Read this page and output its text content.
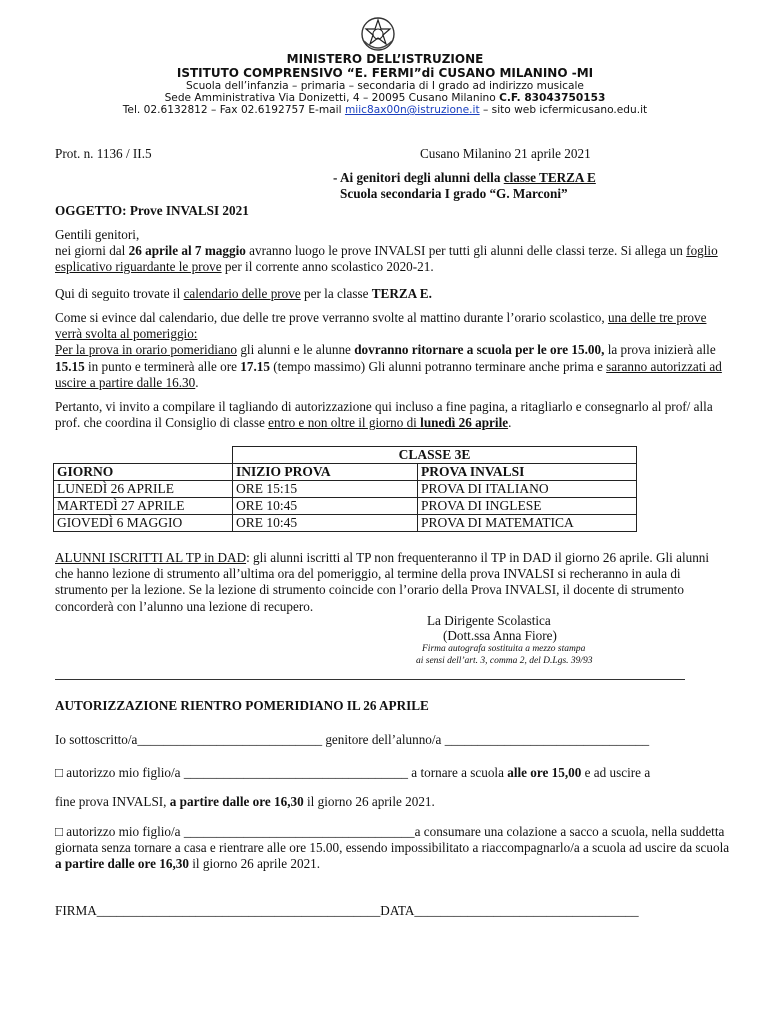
MINISTERO DELL’ISTRUZIONE
ISTITUTO COMPRENSIVO “E. FERMI”di CUSANO MILANINO -MI
Scuola dell’infanzia – primaria – secondaria di I grado ad indirizzo musicale
Sede Amministrativa Via Donizetti, 4 – 20095 Cusano Milanino C.F. 83043750153
Tel. 02.6132812 – Fax 02.6192757 E-mail miic8ax00n@istruzione.it – sito web icfermicusano.edu.it
Prot. n. 1136 / II.5	Cusano Milanino 21 aprile 2021
- Ai genitori degli alunni della classe TERZA E
Scuola secondaria I grado “G. Marconi”
OGGETTO: Prove INVALSI 2021
Gentili genitori,
nei giorni dal 26 aprile al 7 maggio avranno luogo le prove INVALSI per tutti gli alunni delle classi terze. Si allega un foglio esplicativo riguardante le prove per il corrente anno scolastico 2020-21.
Qui di seguito trovate il calendario delle prove per la classe TERZA E.
Come si evince dal calendario, due delle tre prove verranno svolte al mattino durante l’orario scolastico, una delle tre prove verrà svolta al pomeriggio:
Per la prova in orario pomeridiano gli alunni e le alunne dovranno ritornare a scuola per le ore 15.00, la prova inizierà alle 15.15 in punto e terminerà alle ore 17.15 (tempo massimo) Gli alunni potranno terminare anche prima e saranno autorizzati ad uscire a partire dalle 16.30.
Pertanto, vi invito a compilare il tagliando di autorizzazione qui incluso a fine pagina, a ritagliarlo e consegnarlo al prof/ alla prof. che coordina il Consiglio di classe entro e non oltre il giorno di lunedì 26 aprile.
	CLASSE 3E	
GIORNO	INIZIO PROVA	PROVA INVALSI
LUNEDÌ 26 APRILE	ORE 15:15	PROVA DI ITALIANO
MARTEDÌ 27 APRILE	ORE 10:45	PROVA DI INGLESE
GIOVEDÌ 6 MAGGIO	ORE 10:45	PROVA DI MATEMATICA
ALUNNI ISCRITTI AL TP in DAD: gli alunni iscritti al TP non frequenteranno il TP in DAD il giorno 26 aprile. Gli alunni che hanno lezione di strumento all’ultima ora del pomeriggio, al termine della prova INVALSI si recheranno in aula di strumento per la lezione. Se la lezione di strumento coincide con l’orario della Prova INVALSI, il docente di strumento concorderà con l’alunno una lezione di recupero.
La Dirigente Scolastica
(Dott.ssa Anna Fiore)
Firma autografa sostituita a mezzo stampa
ai sensi dell’art. 3, comma 2, del D.Lgs. 39/93
AUTORIZZAZIONE RIENTRO POMERIDIANO IL 26 APRILE
Io sottoscritto/a____________________________ genitore dell’alunno/a _______________________________
□ autorizzo mio figlio/a __________________________________ a tornare a scuola alle ore 15,00 e ad uscire a
fine prova INVALSI, a partire dalle ore 16,30 il giorno 26 aprile 2021.
□ autorizzo mio figlio/a ___________________________________a consumare una colazione a sacco a scuola, nella suddetta giornata senza tornare a casa e rientrare alle ore 15.00, essendo impossibilitato a riaccompagnarlo/a a scuola ad uscire da scuola a partire dalle ore 16,30 il giorno 26 aprile 2021.
FIRMA___________________________________________DATA__________________________________
